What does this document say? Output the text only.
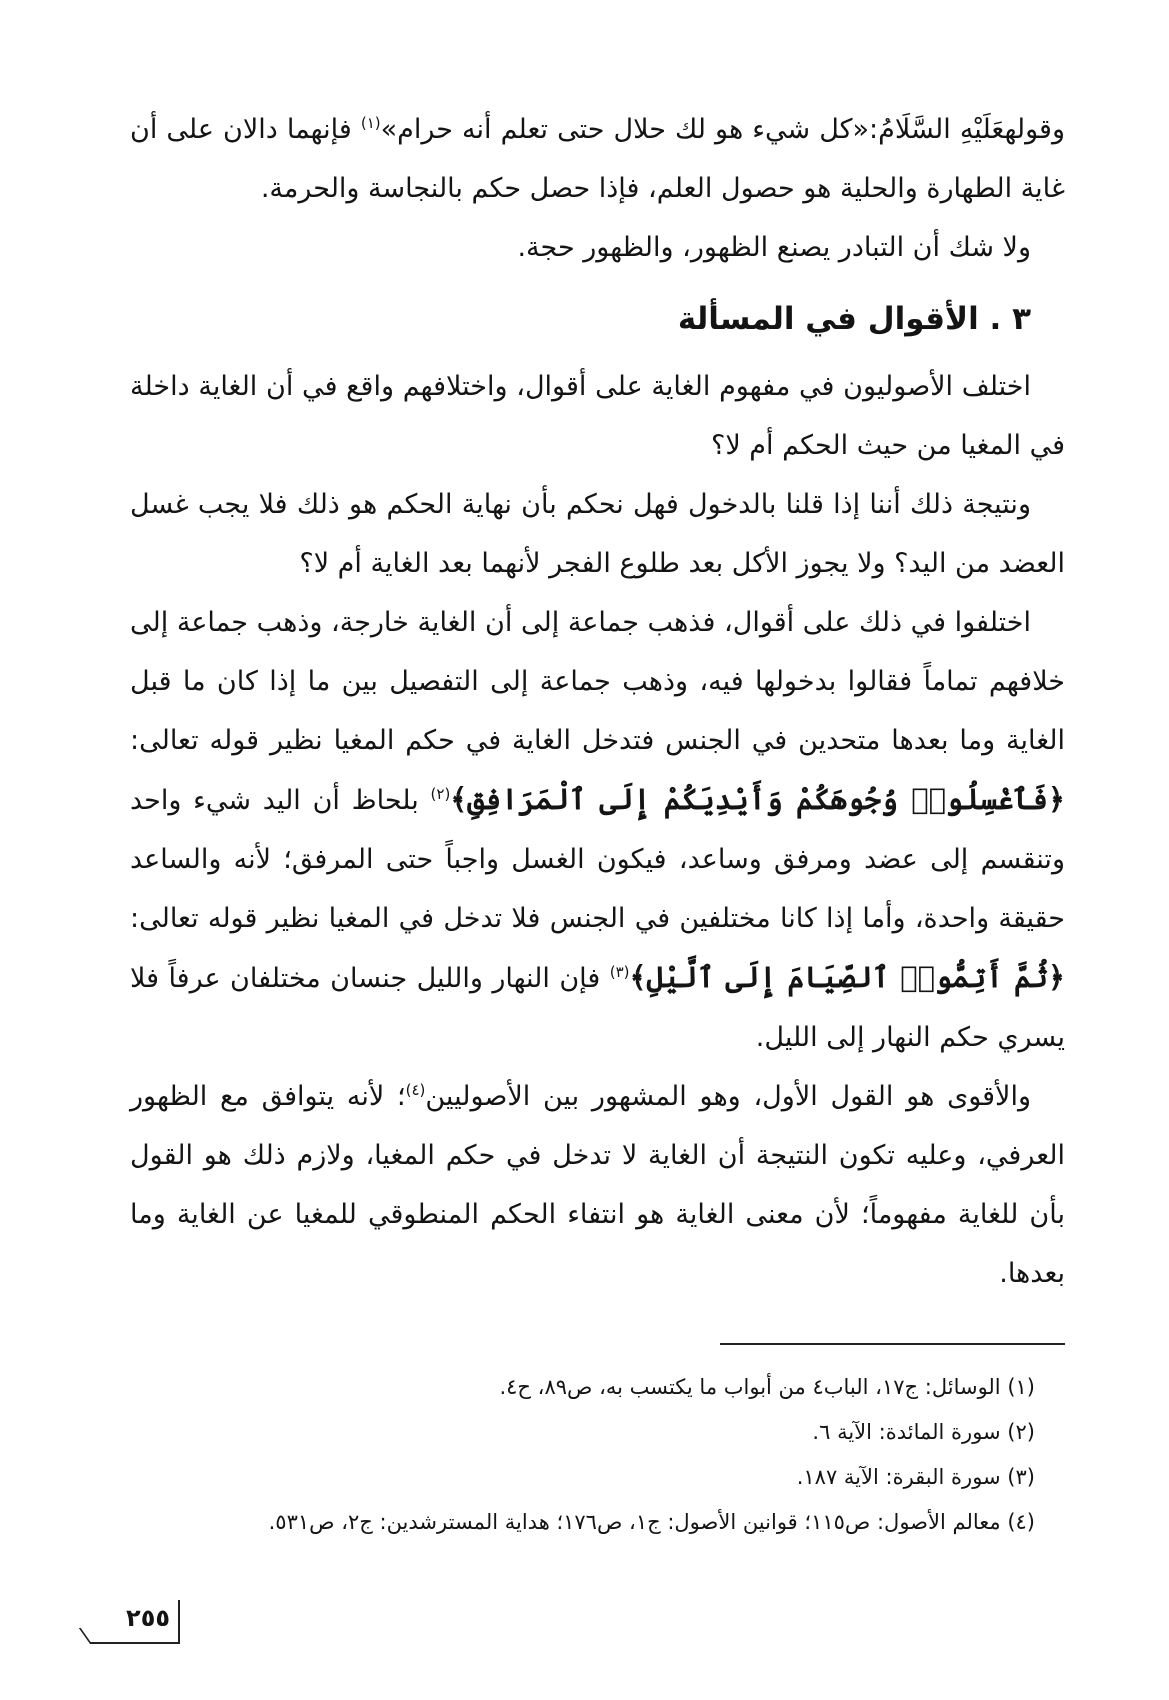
وقولهعَلَيْهِ السَّلَامُ:«كل شيء هو لك حلال حتى تعلم أنه حرام»$^{(١)}$ فإنهما دالان على أن غاية الطهارة والحلية هو حصول العلم، فإذا حصل حكم بالنجاسة والحرمة.

ولا شك أن التبادر يصنع الظهور، والظهور حجة.

٣ . الأقوال في المسألة

اختلف الأصوليون في مفهوم الغاية على أقوال، واختلافهم واقع في أن الغاية داخلة في المغيا من حيث الحكم أم لا؟

ونتيجة ذلك أننا إذا قلنا بالدخول فهل نحكم بأن نهاية الحكم هو ذلك فلا يجب غسل العضد من اليد؟ ولا يجوز الأكل بعد طلوع الفجر لأنهما بعد الغاية أم لا؟

اختلفوا في ذلك على أقوال، فذهب جماعة إلى أن الغاية خارجة، وذهب جماعة إلى خلافهم تماماً فقالوا بدخولها فيه، وذهب جماعة إلى التفصيل بين ما إذا كان ما قبل الغاية وما بعدها متحدين في الجنس فتدخل الغاية في حكم المغيا نظير قوله تعالى: ﴿فَٱغْسِلُوا۟ وُجُوهَكُمْ وَأَيْدِيَكُمْ إِلَى ٱلْمَرَافِقِ﴾$^{(٢)}$ بلحاظ أن اليد شيء واحد وتنقسم إلى عضد ومرفق وساعد، فيكون الغسل واجباً حتى المرفق؛ لأنه والساعد حقيقة واحدة، وأما إذا كانا مختلفين في الجنس فلا تدخل في المغيا نظير قوله تعالى: ﴿ثُمَّ أَتِمُّوا۟ ٱلصِّيَامَ إِلَى ٱلَّيْلِ﴾$^{(٣)}$ فإن النهار والليل جنسان مختلفان عرفاً فلا يسري حكم النهار إلى الليل.

والأقوى هو القول الأول، وهو المشهور بين الأصوليين$^{(٤)}$؛ لأنه يتوافق مع الظهور العرفي، وعليه تكون النتيجة أن الغاية لا تدخل في حكم المغيا، ولازم ذلك هو القول بأن للغاية مفهوماً؛ لأن معنى الغاية هو انتفاء الحكم المنطوقي للمغيا عن الغاية وما بعدها.

(١) الوسائل: ج١٧، الباب٤ من أبواب ما يكتسب به، ص٨٩، ح٤.
(٢) سورة المائدة: الآية ٦.
(٣) سورة البقرة: الآية ١٨٧.
(٤) معالم الأصول: ص١١٥؛ قوانين الأصول: ج١، ص١٧٦؛ هداية المسترشدين: ج٢، ص٥٣١.
٢٥٥
